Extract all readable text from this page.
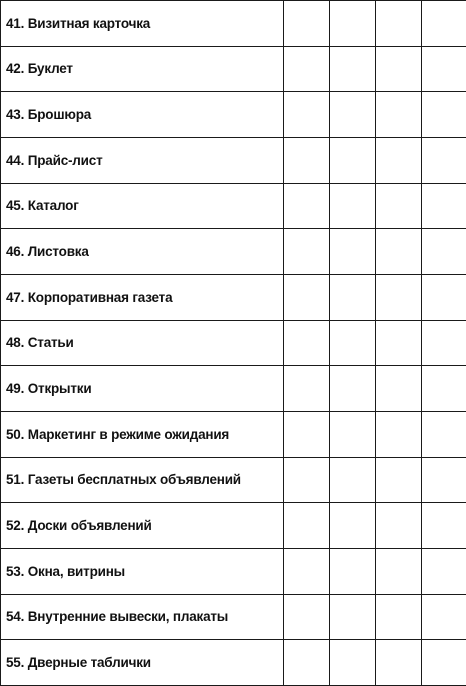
41. Визитная карточка				
42. Буклет				
43. Брошюра				
44. Прайс-лист				
45. Каталог				
46. Листовка				
47. Корпоративная газета				
48. Статьи				
49. Открытки				
50. Маркетинг в режиме ожидания				
51. Газеты бесплатных объявлений				
52. Доски объявлений				
53. Окна, витрины				
54. Внутренние вывески, плакаты				
55. Дверные таблички				
